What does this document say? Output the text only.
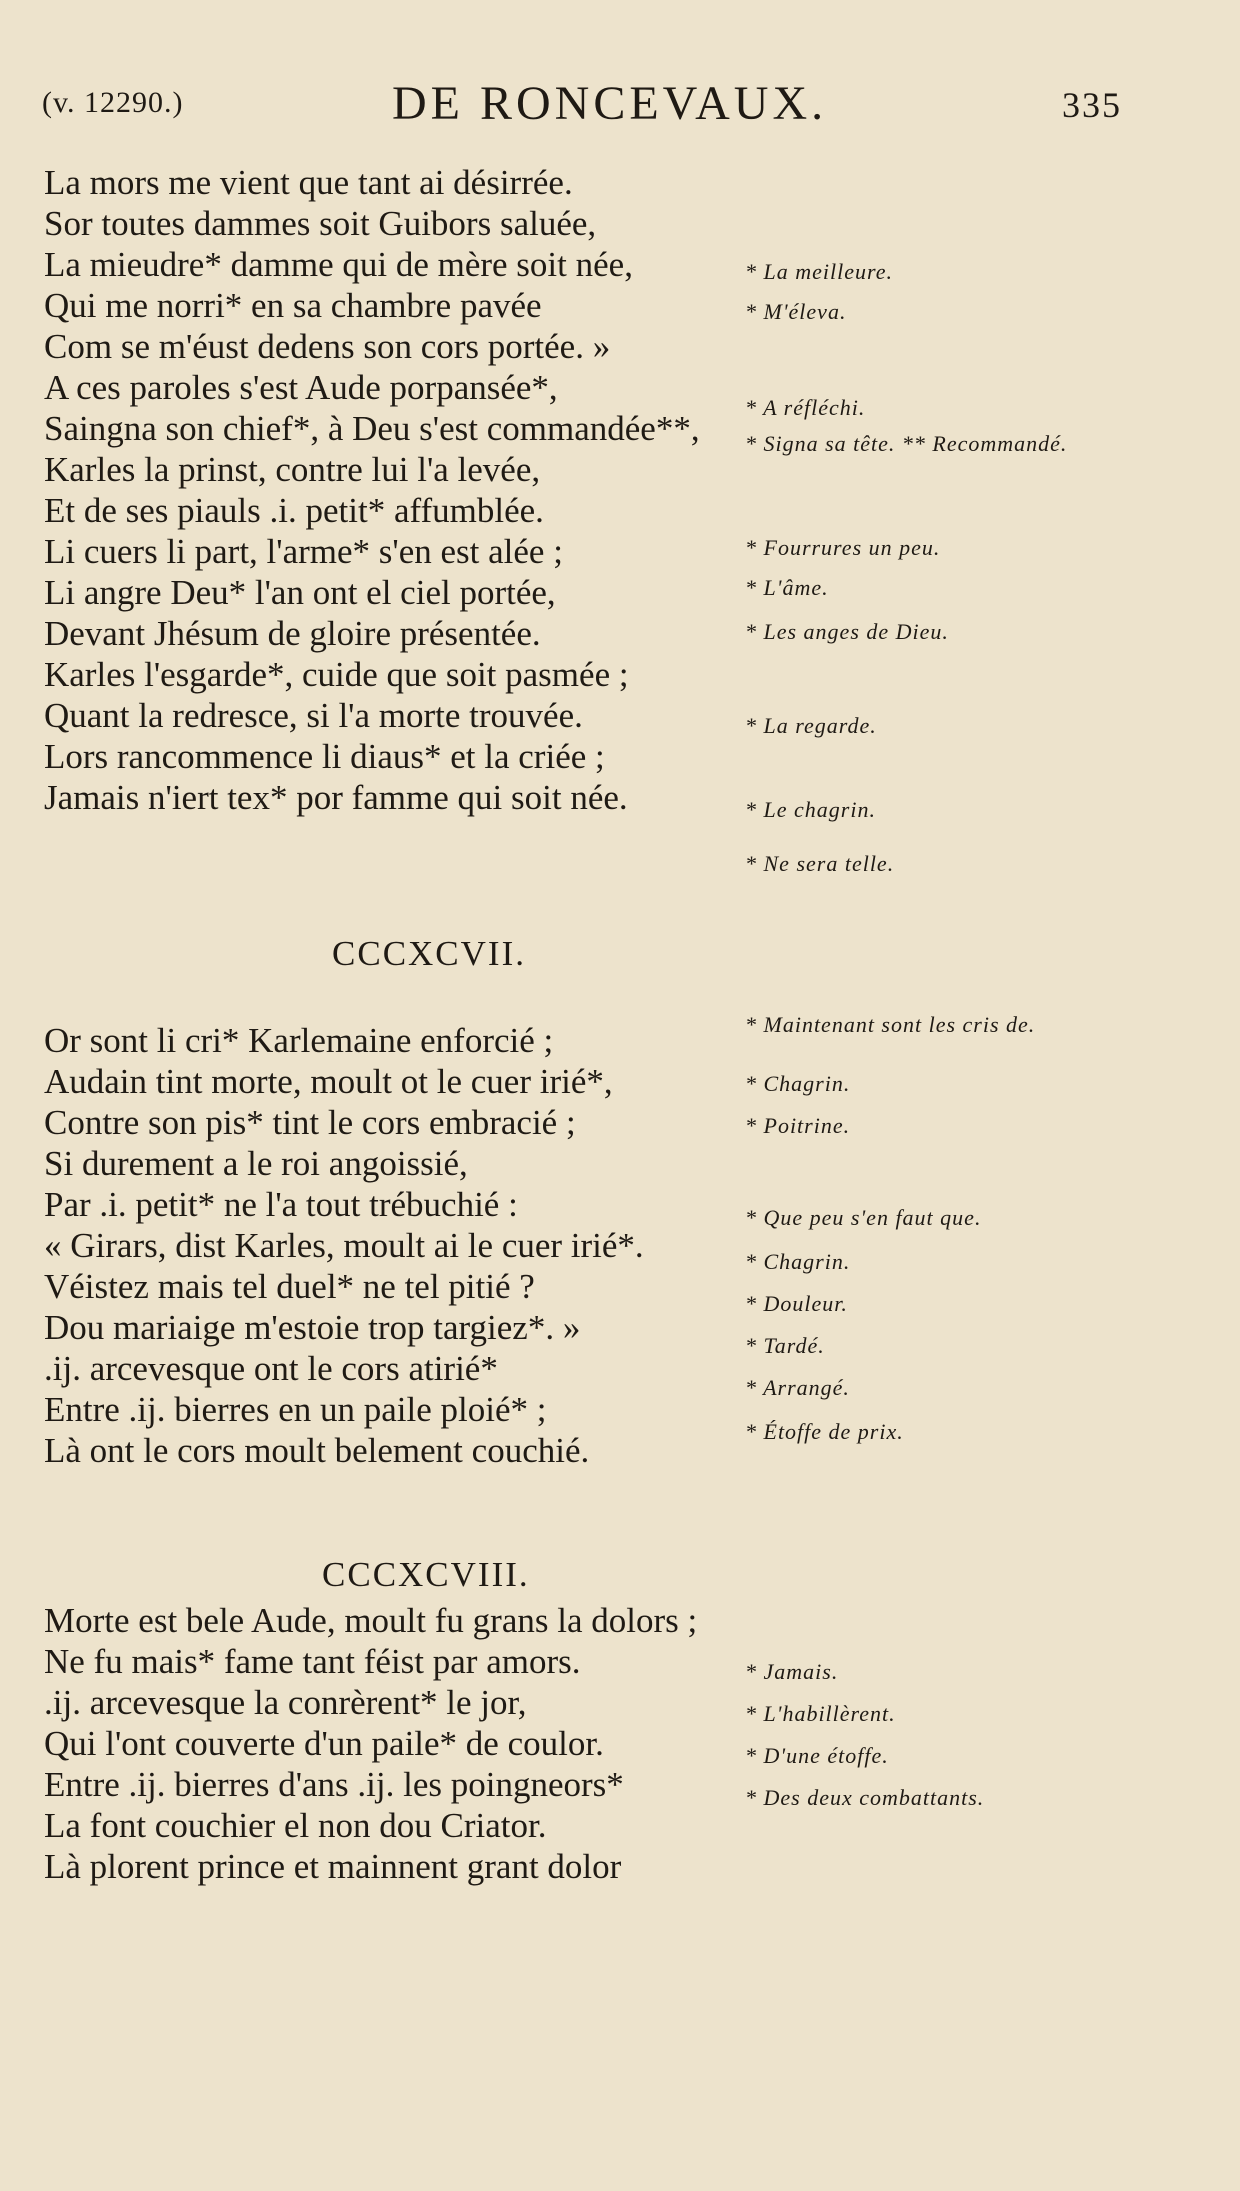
(v. 12290.)	DE RONCEVAUX.	335
La mors me vient que tant ai désirrée.
Sor toutes dammes soit Guibors saluée,
La mieudre* damme qui de mère soit née,
Qui me norri* en sa chambre pavée
Com se m'éust dedens son cors portée. »
A ces paroles s'est Aude porpansée*,
Saingna son chief*, à Deu s'est commandée**,
Karles la prinst, contre lui l'a levée,
Et de ses piauls .i. petit* affumblée.
Li cuers li part, l'arme* s'en est alée ;
Li angre Deu* l'an ont el ciel portée,
Devant Jhésum de gloire présentée.
Karles l'esgarde*, cuide que soit pasmée ;
Quant la redresce, si l'a morte trouvée.
Lors rancommence li diaus* et la criée ;
Jamais n'iert tex* por famme qui soit née.
* La meilleure.
* M'éleva.
* A réfléchi.
* Signa sa tête. ** Recommandé.
* Fourrures un peu.
* L'âme.
* Les anges de Dieu.
* La regarde.
* Le chagrin.
* Ne sera telle.
CCCXCVII.
Or sont li cri* Karlemaine enforcié ;
Audain tint morte, moult ot le cuer irié*,
Contre son pis* tint le cors embracié ;
Si durement a le roi angoissié,
Par .i. petit* ne l'a tout trébuchié :
« Girars, dist Karles, moult ai le cuer irié*.
Véistez mais tel duel* ne tel pitié ?
Dou mariaige m'estoie trop targiez*. »
.ij. arcevesque ont le cors atirié*
Entre .ij. bierres en un paile ploié* ;
Là ont le cors moult belement couchié.
* Maintenant sont les cris de.
* Chagrin.
* Poitrine.
* Que peu s'en faut que.
* Chagrin.
* Douleur.
* Tardé.
* Arrangé.
* Étoffe de prix.
CCCXCVIII.
Morte est bele Aude, moult fu grans la dolors ;
Ne fu mais* fame tant féist par amors.
.ij. arcevesque la conrèrent* le jor,
Qui l'ont couverte d'un paile* de coulor.
Entre .ij. bierres d'ans .ij. les poingneors*
La font couchier el non dou Criator.
Là plorent prince et mainnent grant dolor
* Jamais.
* L'habillèrent.
* D'une étoffe.
* Des deux combattants.
